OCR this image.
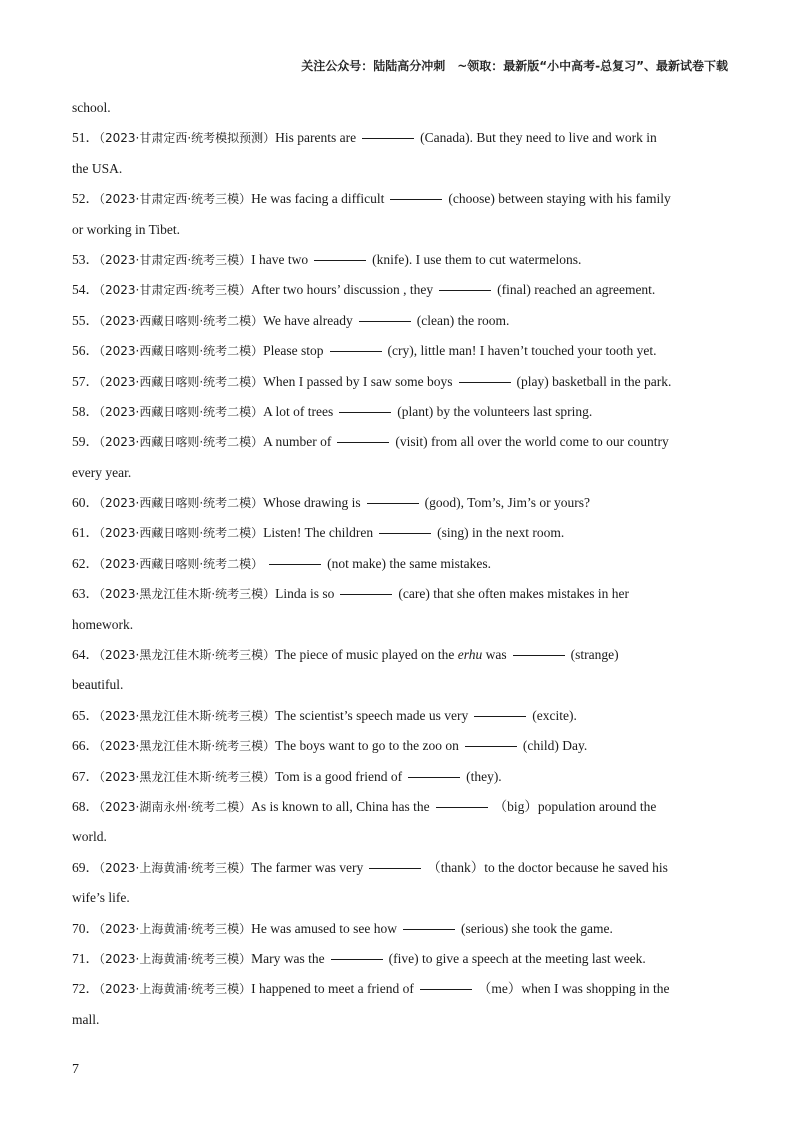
关注公众号：陆陆高分冲刺　~领取：最新版“小中高考-总复习”、最新试卷下载
school.
51．（2023·甘肃定西·统考模拟预测）His parents are	(Canada). But they need to live and work in
the USA.
52．（2023·甘肃定西·统考三模）He was facing a difficult	(choose) between staying with his family
or working in Tibet.
53．（2023·甘肃定西·统考三模）I have two	(knife). I use them to cut watermelons.
54．（2023·甘肃定西·统考三模）After two hours’ discussion , they	(final) reached an agreement.
55．（2023·西藏日喀则·统考二模）We have already	(clean) the room.
56．（2023·西藏日喀则·统考二模）Please stop	(cry), little man! I haven’t touched your tooth yet.
57．（2023·西藏日喀则·统考二模）When I passed by I saw some boys	(play) basketball in the park.
58．（2023·西藏日喀则·统考二模）A lot of trees	(plant) by the volunteers last spring.
59．（2023·西藏日喀则·统考二模）A number of	(visit) from all over the world come to our country
every year.
60．（2023·西藏日喀则·统考二模）Whose drawing is	(good), Tom’s, Jim’s or yours?
61．（2023·西藏日喀则·统考二模）Listen! The children	(sing) in the next room.
62．（2023·西藏日喀则·统考二模）	(not make) the same mistakes.
63．（2023·黑龙江佳木斯·统考三模）Linda is so	(care) that she often makes mistakes in her
homework.
64．（2023·黑龙江佳木斯·统考三模）The piece of music played on the erhu was	(strange)
beautiful.
65．（2023·黑龙江佳木斯·统考三模）The scientist’s speech made us very	(excite).
66．（2023·黑龙江佳木斯·统考三模）The boys want to go to the zoo on	(child) Day.
67．（2023·黑龙江佳木斯·统考三模）Tom is a good friend of	(they).
68．（2023·湖南永州·统考二模）As is known to all, China has the	（big）population around the
world.
69．（2023·上海黄浦·统考三模）The farmer was very	（thank）to the doctor because he saved his
wife’s life.
70．（2023·上海黄浦·统考三模）He was amused to see how	(serious) she took the game.
71．（2023·上海黄浦·统考三模）Mary was the	(five) to give a speech at the meeting last week.
72．（2023·上海黄浦·统考三模）I happened to meet a friend of	（me）when I was shopping in the
mall.
7
